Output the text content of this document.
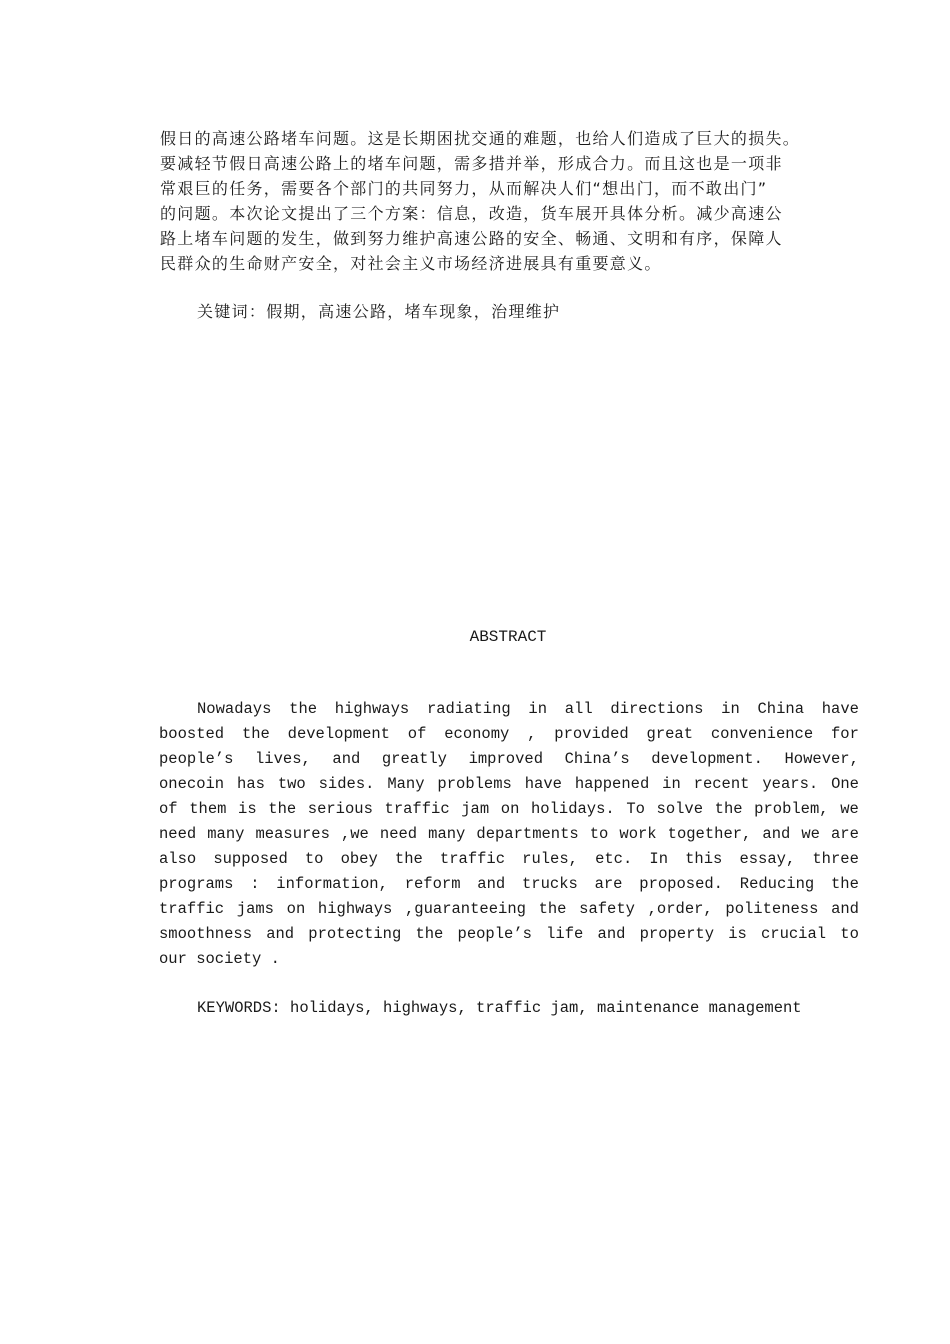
假日的高速公路堵车问题。这是长期困扰交通的难题，也给人们造成了巨大的损失。
要减轻节假日高速公路上的堵车问题，需多措并举，形成合力。而且这也是一项非
常艰巨的任务，需要各个部门的共同努力，从而解决人们“想出门，而不敢出门”
的问题。本次论文提出了三个方案：信息，改造，货车展开具体分析。减少高速公
路上堵车问题的发生，做到努力维护高速公路的安全、畅通、文明和有序，保障人
民群众的生命财产安全，对社会主义市场经济进展具有重要意义。
关键词：假期，高速公路，堵车现象，治理维护
ABSTRACT
Nowadays the highways radiating in all directions in China have
boosted the development of economy , provided great convenience for
people’s lives, and greatly improved China’s development. However,
onecoin has two sides. Many problems have happened in recent years. One
of them is the serious traffic jam on holidays. To solve the problem, we
need many measures ,we need many departments to work together, and we are
also supposed to obey the traffic rules, etc. In this essay, three
programs : information, reform and trucks are proposed. Reducing the
traffic jams on highways ,guaranteeing the safety ,order, politeness and
smoothness and protecting the people’s life and property is crucial to
our society .
KEYWORDS: holidays, highways, traffic jam, maintenance management
